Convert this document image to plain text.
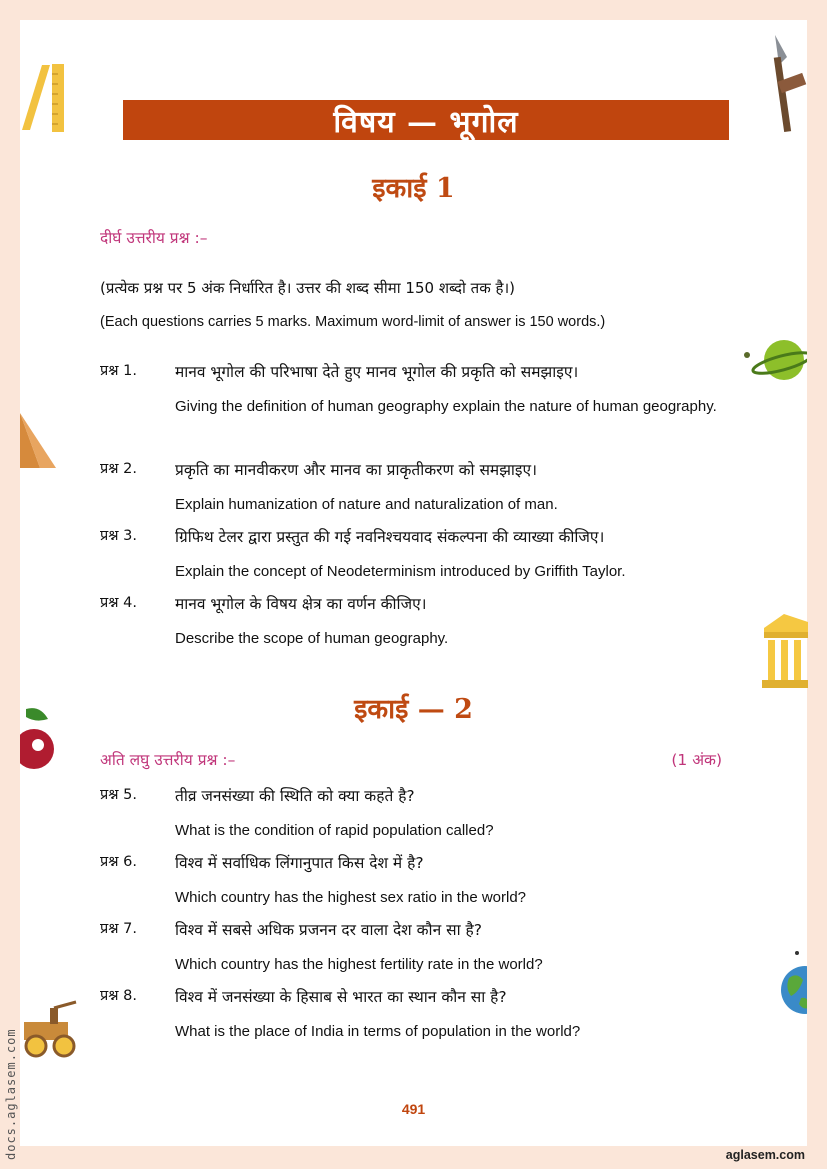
विषय — भूगोल
इकाई 1
दीर्घ उत्तरीय प्रश्न :–
(प्रत्येक प्रश्न पर 5 अंक निर्धारित है। उत्तर की शब्द सीमा 150 शब्दो तक है।)
(Each questions carries 5 marks. Maximum word-limit of answer is 150 words.)
प्रश्न 1.	मानव भूगोल की परिभाषा देते हुए मानव भूगोल की प्रकृति को समझाइए।
Giving the definition of human geography explain the nature of human geography.
प्रश्न 2.	प्रकृति का मानवीकरण और मानव का प्राकृतीकरण को समझाइए।
Explain humanization of nature and naturalization of man.
प्रश्न 3.	ग्रिफिथ टेलर द्वारा प्रस्तुत की गई नवनिश्चयवाद संकल्पना की व्याख्या कीजिए।
Explain the concept of Neodeterminism introduced by Griffith Taylor.
प्रश्न 4.	मानव भूगोल के विषय क्षेत्र का वर्णन कीजिए।
Describe the scope of human geography.
इकाई — 2
अति लघु उत्तरीय प्रश्न :–	(1 अंक)
प्रश्न 5.	तीव्र जनसंख्या की स्थिति को क्या कहते है?
What is the condition of rapid population called?
प्रश्न 6.	विश्व में सर्वाधिक लिंगानुपात किस देश में है?
Which country has the highest sex ratio in the world?
प्रश्न 7.	विश्व में सबसे अधिक प्रजनन दर वाला देश कौन सा है?
Which country has the highest fertility rate in the world?
प्रश्न 8.	विश्व में जनसंख्या के हिसाब से भारत का स्थान कौन सा है?
What is the place of India in terms of population in the world?
491
docs.aglasem.com	aglasem.com
